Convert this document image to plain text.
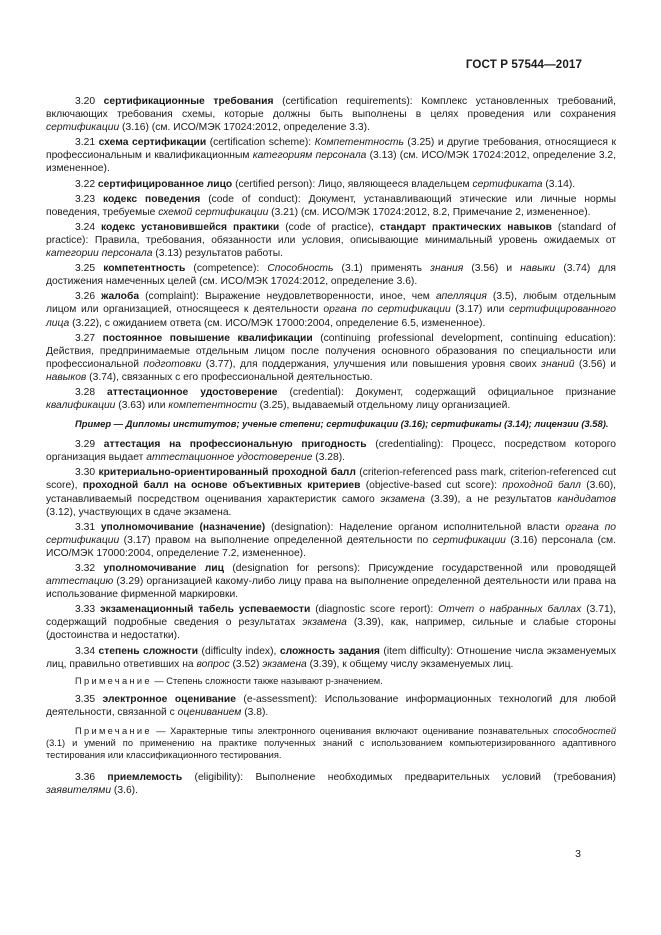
ГОСТ Р 57544—2017

3.20 сертификационные требования (certification requirements): Комплекс установленных требований, включающих требования схемы, которые должны быть выполнены в целях проведения или сохранения сертификации (3.16) (см. ИСО/МЭК 17024:2012, определение 3.3).

3.21 схема сертификации (certification scheme): Компетентность (3.25) и другие требования, относящиеся к профессиональным и квалификационным категориям персонала (3.13) (см. ИСО/МЭК 17024:2012, определение 3.2, измененное).

3.22 сертифицированное лицо (certified person): Лицо, являющееся владельцем сертификата (3.14).

3.23 кодекс поведения (code of conduct): Документ, устанавливающий этические или личные нормы поведения, требуемые схемой сертификации (3.21) (см. ИСО/МЭК 17024:2012, 8.2, Примечание 2, измененное).

3.24 кодекс установившейся практики (code of practice), стандарт практических навыков (standard of practice): Правила, требования, обязанности или условия, описывающие минимальный уровень ожидаемых от категории персонала (3.13) результатов работы.

3.25 компетентность (competence): Способность (3.1) применять знания (3.56) и навыки (3.74) для достижения намеченных целей (см. ИСО/МЭК 17024:2012, определение 3.6).

3.26 жалоба (complaint): Выражение неудовлетворенности, иное, чем апелляция (3.5), любым отдельным лицом или организацией, относящееся к деятельности органа по сертификации (3.17) или сертифицированного лица (3.22), с ожиданием ответа (см. ИСО/МЭК 17000:2004, определение 6.5, измененное).

3.27 постоянное повышение квалификации (continuing professional development, continuing education): Действия, предпринимаемые отдельным лицом после получения основного образования по специальности или профессиональной подготовки (3.77), для поддержания, улучшения или повышения уровня своих знаний (3.56) и навыков (3.74), связанных с его профессиональной деятельностью.

3.28 аттестационное удостоверение (credential): Документ, содержащий официальное признание квалификации (3.63) или компетентности (3.25), выдаваемый отдельному лицу организацией.

Пример — Дипломы институтов; ученые степени; сертификации (3.16); сертификаты (3.14); лицензии (3.58).

3.29 аттестация на профессиональную пригодность (credentialing): Процесс, посредством которого организация выдает аттестационное удостоверение (3.28).

3.30 критериально-ориентированный проходной балл (criterion-referenced pass mark, criterion-referenced cut score), проходной балл на основе объективных критериев (objective-based cut score): проходной балл (3.60), устанавливаемый посредством оценивания характеристик самого экзамена (3.39), а не результатов кандидатов (3.12), участвующих в сдаче экзамена.

3.31 уполномочивание (назначение) (designation): Наделение органом исполнительной власти органа по сертификации (3.17) правом на выполнение определенной деятельности по сертификации (3.16) персонала (см. ИСО/МЭК 17000:2004, определение 7.2, измененное).

3.32 уполномочивание лиц (designation for persons): Присуждение государственной или проводящей аттестацию (3.29) организацией какому-либо лицу права на выполнение определенной деятельности или права на использование фирменной маркировки.

3.33 экзаменационный табель успеваемости (diagnostic score report): Отчет о набранных баллах (3.71), содержащий подробные сведения о результатах экзамена (3.39), как, например, сильные и слабые стороны (достоинства и недостатки).

3.34 степень сложности (difficulty index), сложность задания (item difficulty): Отношение числа экзаменуемых лиц, правильно ответивших на вопрос (3.52) экзамена (3.39), к общему числу экзаменуемых лиц.

Примечание — Степень сложности также называют p-значением.

3.35 электронное оценивание (e-assessment): Использование информационных технологий для любой деятельности, связанной с оцениванием (3.8).

Примечание — Характерные типы электронного оценивания включают оценивание познавательных способностей (3.1) и умений по применению на практике полученных знаний с использованием компьютеризированного адаптивного тестирования или классификационного тестирования.

3.36 приемлемость (eligibility): Выполнение необходимых предварительных условий (требования) заявителями (3.6).

3
